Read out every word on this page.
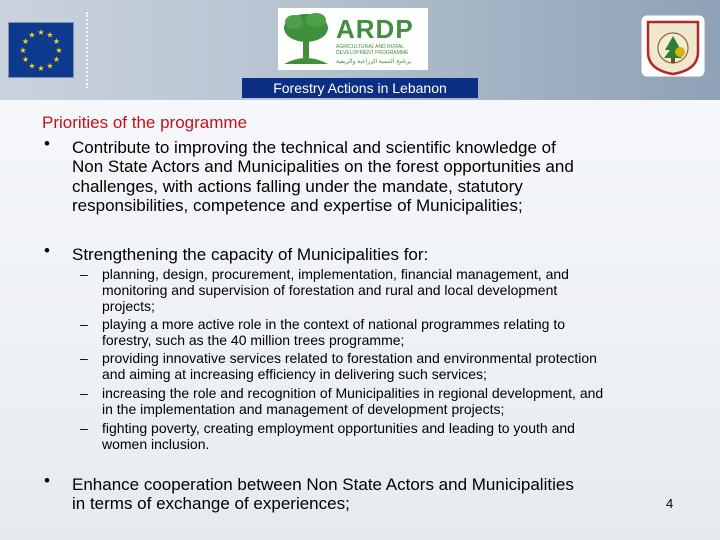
★ ★
★
★
★
★
★
★
★
★
★
★	ARDP
AGRICULTURAL AND RURAL DEVELOPMENT PROGRAMME
برنامج التنمية الزراعية والريفية
Forestry Actions in Lebanon
Priorities of the programme
• Contribute to improving the technical and scientific knowledge of
Non State Actors and Municipalities on the forest opportunities and
challenges, with actions falling under the mandate, statutory
responsibilities, competence and expertise of Municipalities;
• Strengthening the capacity of Municipalities for:
– planning, design, procurement, implementation, financial management, and
monitoring and supervision of forestation and rural and local development
projects;
– playing a more active role in the context of national programmes relating to
forestry, such as the 40 million trees programme;
– providing innovative services related to forestation and environmental protection
and aiming at increasing efficiency in delivering such services;
– increasing the role and recognition of Municipalities in regional development, and
in the implementation and management of development projects;
– fighting poverty, creating employment opportunities and leading to youth and
women inclusion.
• Enhance cooperation between Non State Actors and Municipalities
in terms of exchange of experiences;	4
